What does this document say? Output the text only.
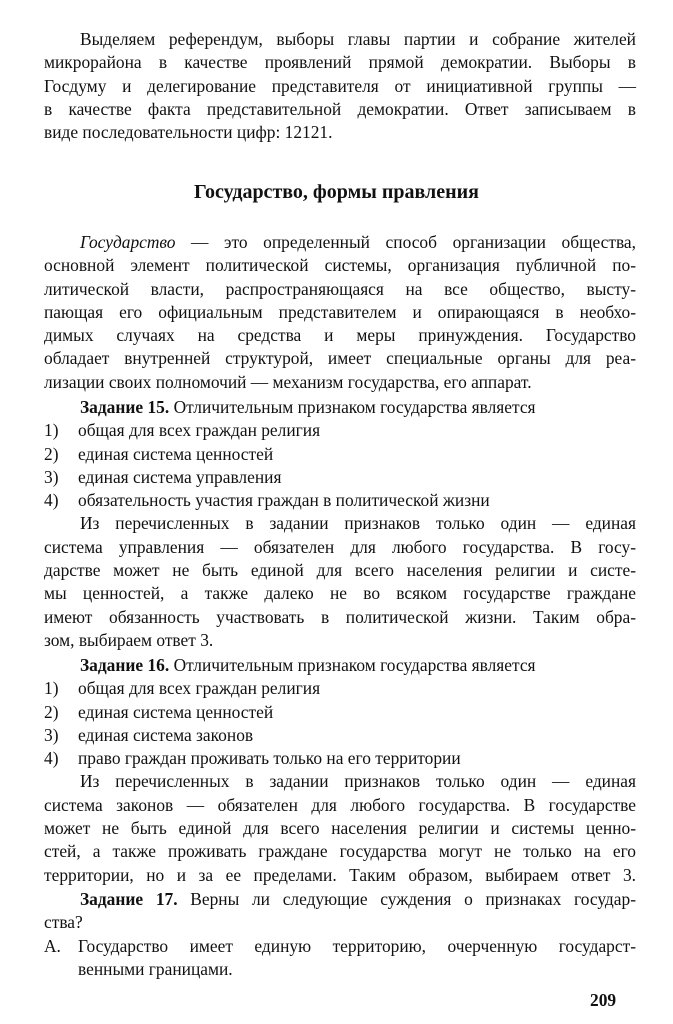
Выделяем референдум, выборы главы партии и собрание жителей
микрорайона в качестве проявлений прямой демократии. Выборы в
Госдуму и делегирование представителя от инициативной группы —
в качестве факта представительной демократии. Ответ записываем в
виде последовательности цифр: 12121.
Государство, формы правления
Государство — это определенный способ организации общества,
основной элемент политической системы, организация публичной по-
литической власти, распространяющаяся на все общество, высту-
пающая его официальным представителем и опирающаяся в необхо-
димых случаях на средства и меры принуждения. Государство
обладает внутренней структурой, имеет специальные органы для реа-
лизации своих полномочий — механизм государства, его аппарат.
Задание 15. Отличительным признаком государства является
1)	общая для всех граждан религия
2)	единая система ценностей
3)	единая система управления
4)	обязательность участия граждан в политической жизни
Из перечисленных в задании признаков только один — единая
система управления — обязателен для любого государства. В госу-
дарстве может не быть единой для всего населения религии и систе-
мы ценностей, а также далеко не во всяком государстве граждане
имеют обязанность участвовать в политической жизни. Таким обра-
зом, выбираем ответ 3.
Задание 16. Отличительным признаком государства является
1)	общая для всех граждан религия
2)	единая система ценностей
3)	единая система законов
4)	право граждан проживать только на его территории
Из перечисленных в задании признаков только один — единая
система законов — обязателен для любого государства. В государстве
может не быть единой для всего населения религии и системы ценно-
стей, а также проживать граждане государства могут не только на его
территории, но и за ее пределами. Таким образом, выбираем ответ 3.
Задание 17. Верны ли следующие суждения о признаках государ-
ства?
А. Государство имеет единую территорию, очерченную государст-
венными границами.
209
